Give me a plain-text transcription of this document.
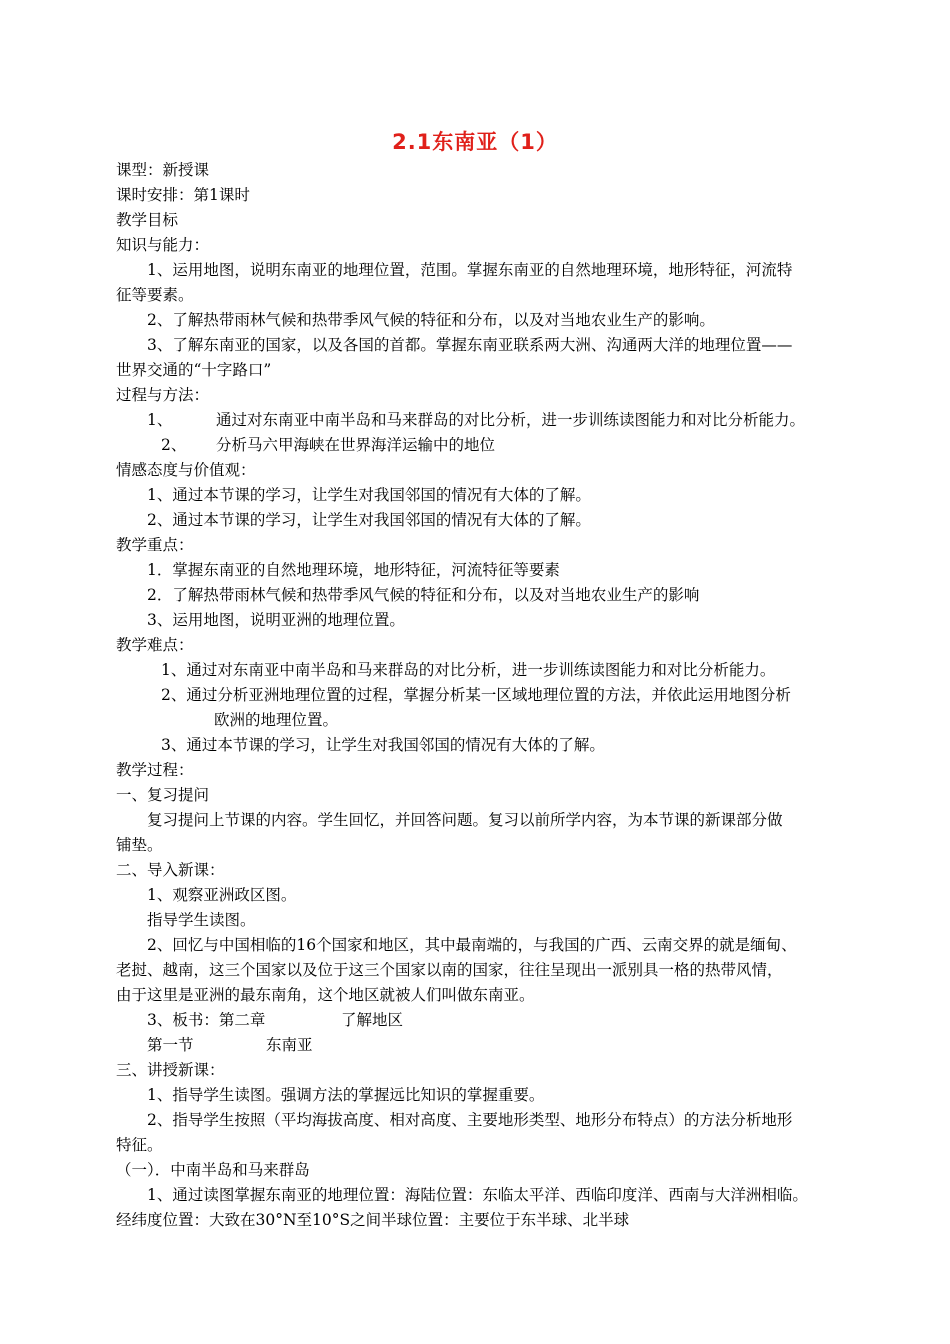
2.1东南亚（1）
课型：新授课
课时安排：第1课时
教学目标
知识与能力：
1、运用地图，说明东南亚的地理位置，范围。掌握东南亚的自然地理环境，地形特征，河流特
征等要素。
2、了解热带雨林气候和热带季风气候的特征和分布，以及对当地农业生产的影响。
3、了解东南亚的国家，以及各国的首都。掌握东南亚联系两大洲、沟通两大洋的地理位置——
世界交通的“十字路口”
过程与方法：
1、	通过对东南亚中南半岛和马来群岛的对比分析，进一步训练读图能力和对比分析能力。
2、 分析马六甲海峡在世界海洋运输中的地位
情感态度与价值观：
1、通过本节课的学习，让学生对我国邻国的情况有大体的了解。
2、通过本节课的学习，让学生对我国邻国的情况有大体的了解。
教学重点：
1．掌握东南亚的自然地理环境，地形特征，河流特征等要素
2．了解热带雨林气候和热带季风气候的特征和分布，以及对当地农业生产的影响
3、运用地图，说明亚洲的地理位置。
教学难点：
1、通过对东南亚中南半岛和马来群岛的对比分析，进一步训练读图能力和对比分析能力。
2、通过分析亚洲地理位置的过程，掌握分析某一区域地理位置的方法，并依此运用地图分析
欧洲的地理位置。
3、通过本节课的学习，让学生对我国邻国的情况有大体的了解。
教学过程：
一、复习提问
复习提问上节课的内容。学生回忆，并回答问题。复习以前所学内容，为本节课的新课部分做
铺垫。
二、导入新课：
1、观察亚洲政区图。
指导学生读图。
2、回忆与中国相临的16个国家和地区，其中最南端的，与我国的广西、云南交界的就是缅甸、
老挝、越南，这三个国家以及位于这三个国家以南的国家，往往呈现出一派别具一格的热带风情，
由于这里是亚洲的最东南角，这个地区就被人们叫做东南亚。
3、板书：第二章	了解地区
第一节	东南亚
三、讲授新课：
1、指导学生读图。强调方法的掌握远比知识的掌握重要。
2、指导学生按照（平均海拔高度、相对高度、主要地形类型、地形分布特点）的方法分析地形
特征。
（一）．中南半岛和马来群岛
1、通过读图掌握东南亚的地理位置：海陆位置：东临太平洋、西临印度洋、西南与大洋洲相临。
经纬度位置：大致在30°N至10°S之间半球位置：主要位于东半球、北半球
